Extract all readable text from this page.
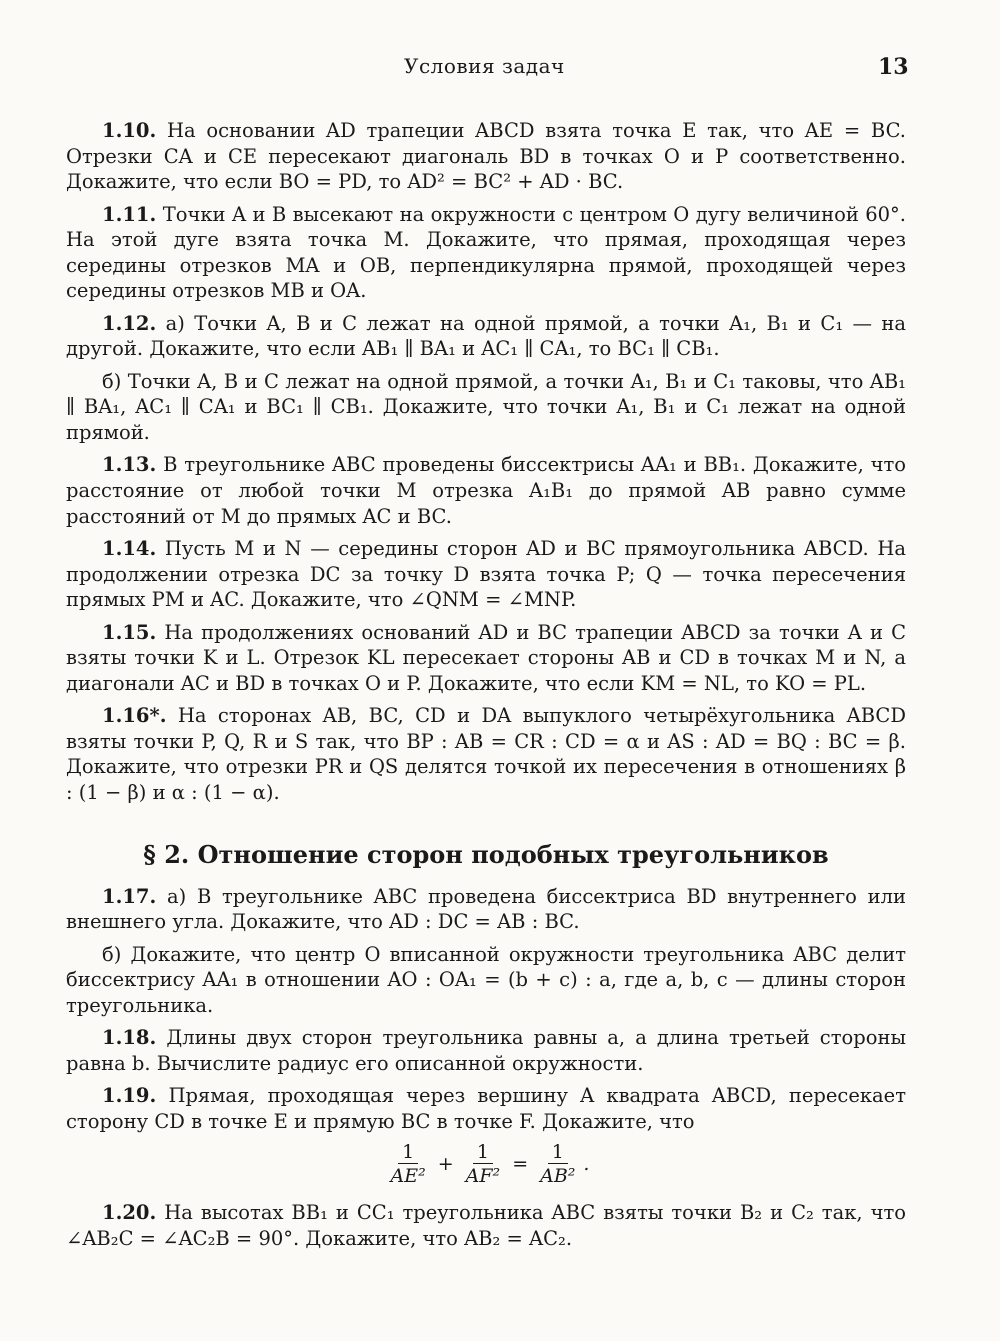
Условия задач	13

1.10. На основании AD трапеции ABCD взята точка E так, что AE = BC. Отрезки CA и CE пересекают диагональ BD в точках O и P соответственно. Докажите, что если BO = PD, то AD² = BC² + AD · BC.

1.11. Точки A и B высекают на окружности с центром O дугу величиной 60°. На этой дуге взята точка M. Докажите, что прямая, проходящая через середины отрезков MA и OB, перпендикулярна прямой, проходящей через середины отрезков MB и OA.

1.12. а) Точки A, B и C лежат на одной прямой, а точки A₁, B₁ и C₁ — на другой. Докажите, что если AB₁ ∥ BA₁ и AC₁ ∥ CA₁, то BC₁ ∥ CB₁.

б) Точки A, B и C лежат на одной прямой, а точки A₁, B₁ и C₁ таковы, что AB₁ ∥ BA₁, AC₁ ∥ CA₁ и BC₁ ∥ CB₁. Докажите, что точки A₁, B₁ и C₁ лежат на одной прямой.

1.13. В треугольнике ABC проведены биссектрисы AA₁ и BB₁. Докажите, что расстояние от любой точки M отрезка A₁B₁ до прямой AB равно сумме расстояний от M до прямых AC и BC.

1.14. Пусть M и N — середины сторон AD и BC прямоугольника ABCD. На продолжении отрезка DC за точку D взята точка P; Q — точка пересечения прямых PM и AC. Докажите, что ∠QNM = ∠MNP.

1.15. На продолжениях оснований AD и BC трапеции ABCD за точки A и C взяты точки K и L. Отрезок KL пересекает стороны AB и CD в точках M и N, а диагонали AC и BD в точках O и P. Докажите, что если KM = NL, то KO = PL.

1.16*. На сторонах AB, BC, CD и DA выпуклого четырёхугольника ABCD взяты точки P, Q, R и S так, что BP : AB = CR : CD = α и AS : AD = BQ : BC = β. Докажите, что отрезки PR и QS делятся точкой их пересечения в отношениях β : (1 − β) и α : (1 − α).

§ 2. Отношение сторон подобных треугольников

1.17. а) В треугольнике ABC проведена биссектриса BD внутреннего или внешнего угла. Докажите, что AD : DC = AB : BC.

б) Докажите, что центр O вписанной окружности треугольника ABC делит биссектрису AA₁ в отношении AO : OA₁ = (b + c) : a, где a, b, c — длины сторон треугольника.

1.18. Длины двух сторон треугольника равны a, а длина третьей стороны равна b. Вычислите радиус его описанной окружности.

1.19. Прямая, проходящая через вершину A квадрата ABCD, пересекает сторону CD в точке E и прямую BC в точке F. Докажите, что

$\frac{1}{\text{AE²}} + \frac{1}{\text{AF²}} = \frac{1}{\text{AB²}}$ .

1.20. На высотах BB₁ и CC₁ треугольника ABC взяты точки B₂ и C₂ так, что ∠AB₂C = ∠AC₂B = 90°. Докажите, что AB₂ = AC₂.
